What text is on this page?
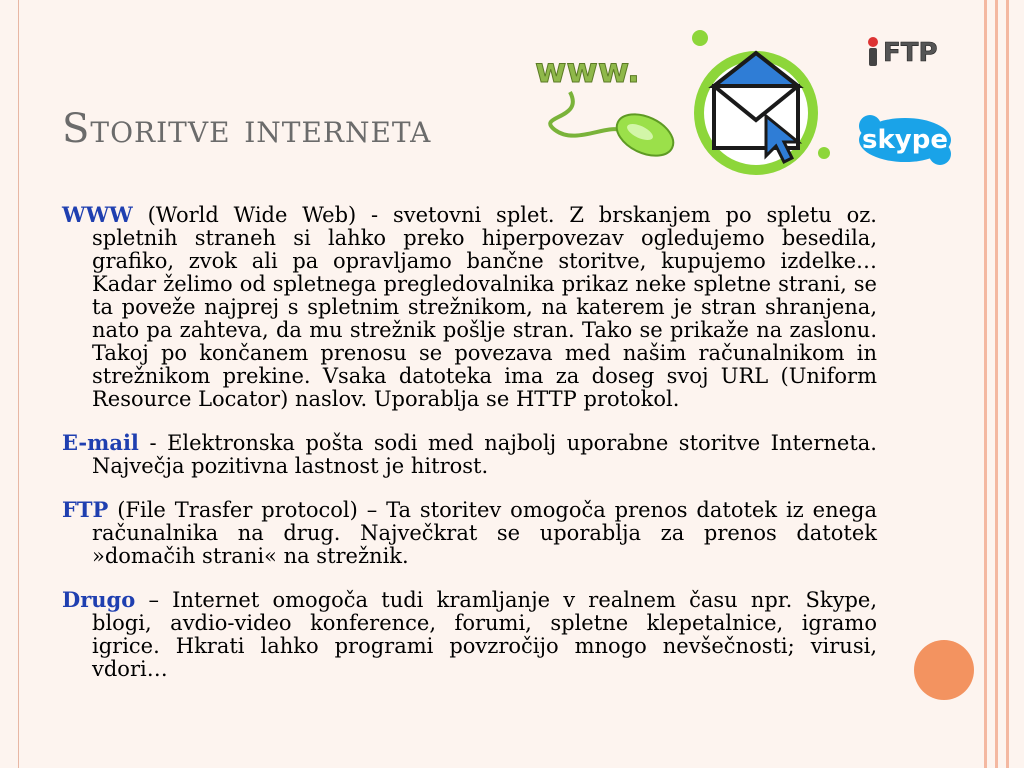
Storitve interneta
www.	FTP
skype

WWW (World Wide Web) - svetovni splet. Z brskanjem po spletu oz. spletnih straneh si lahko preko hiperpovezav ogledujemo besedila, grafiko, zvok ali pa opravljamo bančne storitve, kupujemo izdelke… Kadar želimo od spletnega pregledovalnika prikaz neke spletne strani, se ta poveže najprej s spletnim strežnikom, na katerem je stran shranjena, nato pa zahteva, da mu strežnik pošlje stran. Tako se prikaže na zaslonu. Takoj po končanem prenosu se povezava med našim računalnikom in strežnikom prekine. Vsaka datoteka ima za doseg svoj URL (Uniform Resource Locator) naslov. Uporablja se HTTP protokol.

E-mail - Elektronska pošta sodi med najbolj uporabne storitve Interneta. Največja pozitivna lastnost je hitrost.

FTP (File Trasfer protocol) – Ta storitev omogoča prenos datotek iz enega računalnika na drug. Največkrat se uporablja za prenos datotek »domačih strani« na strežnik.

Drugo – Internet omogoča tudi kramljanje v realnem času npr. Skype, blogi, avdio-video konference, forumi, spletne klepetalnice, igramo igrice. Hkrati lahko programi povzročijo mnogo nevšečnosti; virusi, vdori…
